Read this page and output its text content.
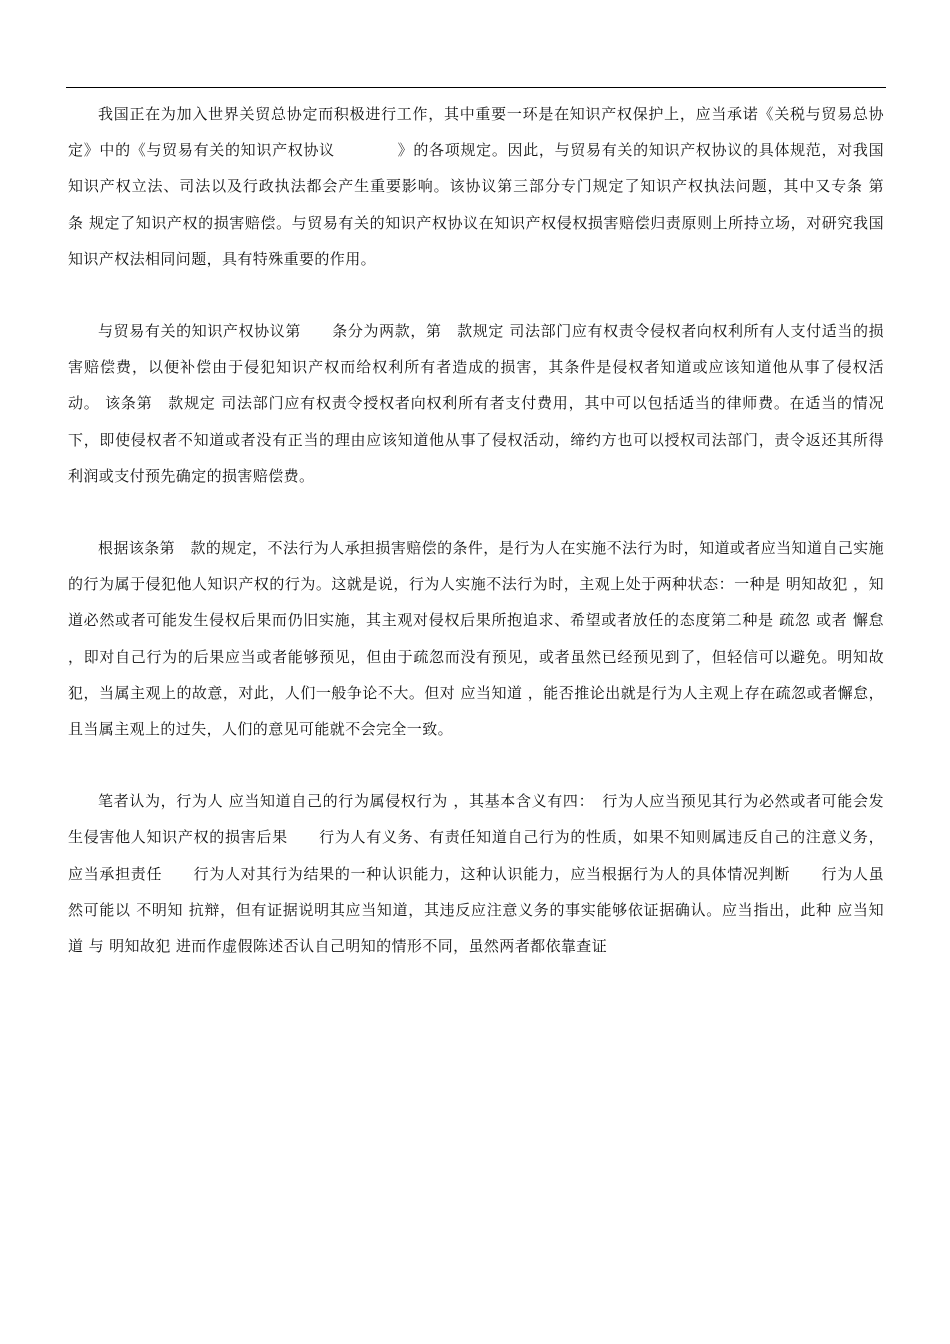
我国正在为加入世界关贸总协定而积极进行工作，其中重要一环是在知识产权保护上，应当承诺《关税与贸易总协定》中的《与贸易有关的知识产权协议　　　　》的各项规定。因此，与贸易有关的知识产权协议的具体规范，对我国知识产权立法、司法以及行政执法都会产生重要影响。该协议第三部分专门规定了知识产权执法问题，其中又专条 第　　条 规定了知识产权的损害赔偿。与贸易有关的知识产权协议在知识产权侵权损害赔偿归责原则上所持立场，对研究我国知识产权法相同问题，具有特殊重要的作用。

与贸易有关的知识产权协议第　　条分为两款，第　款规定 司法部门应有权责令侵权者向权利所有人支付适当的损害赔偿费，以便补偿由于侵犯知识产权而给权利所有者造成的损害，其条件是侵权者知道或应该知道他从事了侵权活动。 该条第　款规定 司法部门应有权责令授权者向权利所有者支付费用，其中可以包括适当的律师费。在适当的情况下，即使侵权者不知道或者没有正当的理由应该知道他从事了侵权活动，缔约方也可以授权司法部门，责令返还其所得利润或支付预先确定的损害赔偿费。

根据该条第　款的规定，不法行为人承担损害赔偿的条件，是行为人在实施不法行为时，知道或者应当知道自己实施的行为属于侵犯他人知识产权的行为。这就是说，行为人实施不法行为时，主观上处于两种状态：一种是 明知故犯 ，知道必然或者可能发生侵权后果而仍旧实施，其主观对侵权后果所抱追求、希望或者放任的态度第二种是 疏忽 或者 懈怠 ，即对自己行为的后果应当或者能够预见，但由于疏忽而没有预见，或者虽然已经预见到了，但轻信可以避免。明知故犯，当属主观上的故意，对此，人们一般争论不大。但对 应当知道 ，能否推论出就是行为人主观上存在疏忽或者懈怠，且当属主观上的过失，人们的意见可能就不会完全一致。

笔者认为，行为人 应当知道自己的行为属侵权行为 ，其基本含义有四：　行为人应当预见其行为必然或者可能会发生侵害他人知识产权的损害后果　　行为人有义务、有责任知道自己行为的性质，如果不知则属违反自己的注意义务，应当承担责任　　行为人对其行为结果的一种认识能力，这种认识能力，应当根据行为人的具体情况判断　　行为人虽然可能以 不明知 抗辩，但有证据说明其应当知道，其违反应注意义务的事实能够依证据确认。应当指出，此种 应当知道 与 明知故犯 进而作虚假陈述否认自己明知的情形不同，虽然两者都依靠查证
